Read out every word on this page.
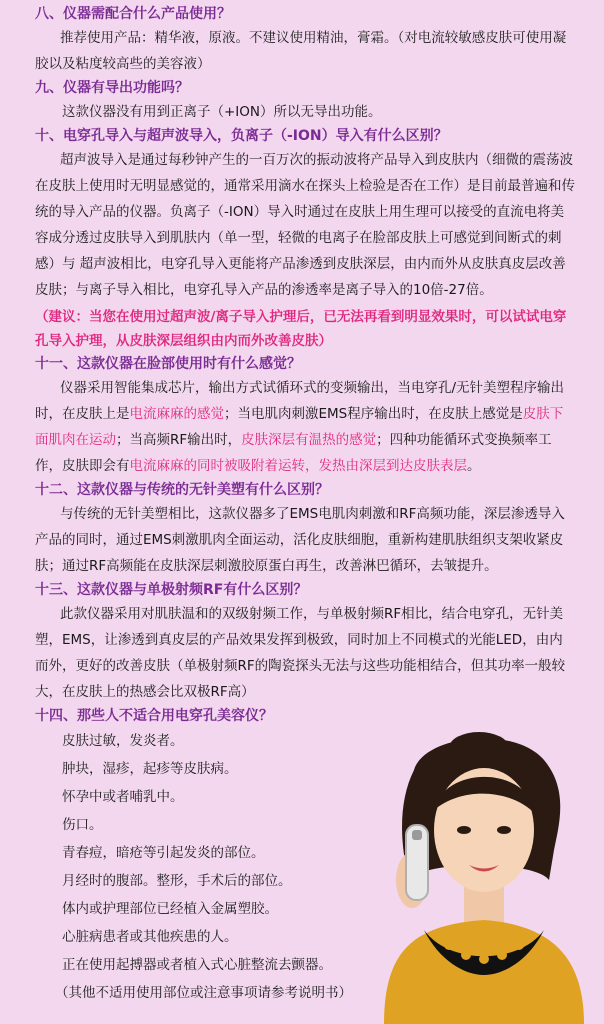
八、仪器需配合什么产品使用？

推荐使用产品：精华液，原液。不建议使用精油，膏霜。（对电流较敏感皮肤可使用凝胶以及粘度较高些的美容液）

九、仪器有导出功能吗？

这款仪器没有用到正离子（+ION）所以无导出功能。

十、电穿孔导入与超声波导入，负离子（-ION）导入有什么区别？

超声波导入是通过每秒钟产生的一百万次的振动波将产品导入到皮肤内（细微的震荡波在皮肤上使用时无明显感觉的，通常采用滴水在探头上检验是否在工作）是目前最普遍和传统的导入产品的仪器。负离子（-ION）导入时通过在皮肤上用生理可以接受的直流电将美容成分透过皮肤导入到肌肤内（单一型，轻微的电离子在脸部皮肤上可感觉到间断式的刺感）与 超声波相比，电穿孔导入更能将产品渗透到皮肤深层，由内而外从皮肤真皮层改善皮肤；与离子导入相比，电穿孔导入产品的渗透率是离子导入的10倍-27倍。

（建议：当您在使用过超声波/离子导入护理后，已无法再看到明显效果时，可以试试电穿孔导入护理，从皮肤深层组织由内而外改善皮肤）

十一、这款仪器在脸部使用时有什么感觉？

仪器采用智能集成芯片，输出方式试循环式的变频输出，当电穿孔/无针美塑程序输出时，在皮肤上是电流麻麻的感觉；当电肌肉刺激EMS程序输出时，在皮肤上感觉是皮肤下面肌肉在运动；当高频RF输出时，皮肤深层有温热的感觉；四种功能循环式变换频率工作，皮肤即会有电流麻麻的同时被吸附着运转，发热由深层到达皮肤表层。

十二、这款仪器与传统的无针美塑有什么区别？

与传统的无针美塑相比，这款仪器多了EMS电肌肉刺激和RF高频功能，深层渗透导入产品的同时，通过EMS刺激肌肉全面运动，活化皮肤细胞，重新构建肌肤组织支架收紧皮肤；通过RF高频能在皮肤深层刺激胶原蛋白再生，改善淋巴循环，去皱提升。

十三、这款仪器与单极射频RF有什么区别？

此款仪器采用对肌肤温和的双级射频工作，与单极射频RF相比，结合电穿孔，无针美塑，EMS，让渗透到真皮层的产品效果发挥到极致，同时加上不同模式的光能LED，由内而外，更好的改善皮肤（单极射频RF的陶瓷探头无法与这些功能相结合，但其功率一般较大，在皮肤上的热感会比双极RF高）

十四、那些人不适合用电穿孔美容仪？

皮肤过敏，发炎者。
肿块，湿疹，起疹等皮肤病。
怀孕中或者哺乳中。
伤口。
青春痘，暗疮等引起发炎的部位。
月经时的腹部。整形，手术后的部位。
体内或护理部位已经植入金属塑胶。
心脏病患者或其他疾患的人。
正在使用起搏器或者植入式心脏整流去颤器。
（其他不适用使用部位或注意事项请参考说明书）
